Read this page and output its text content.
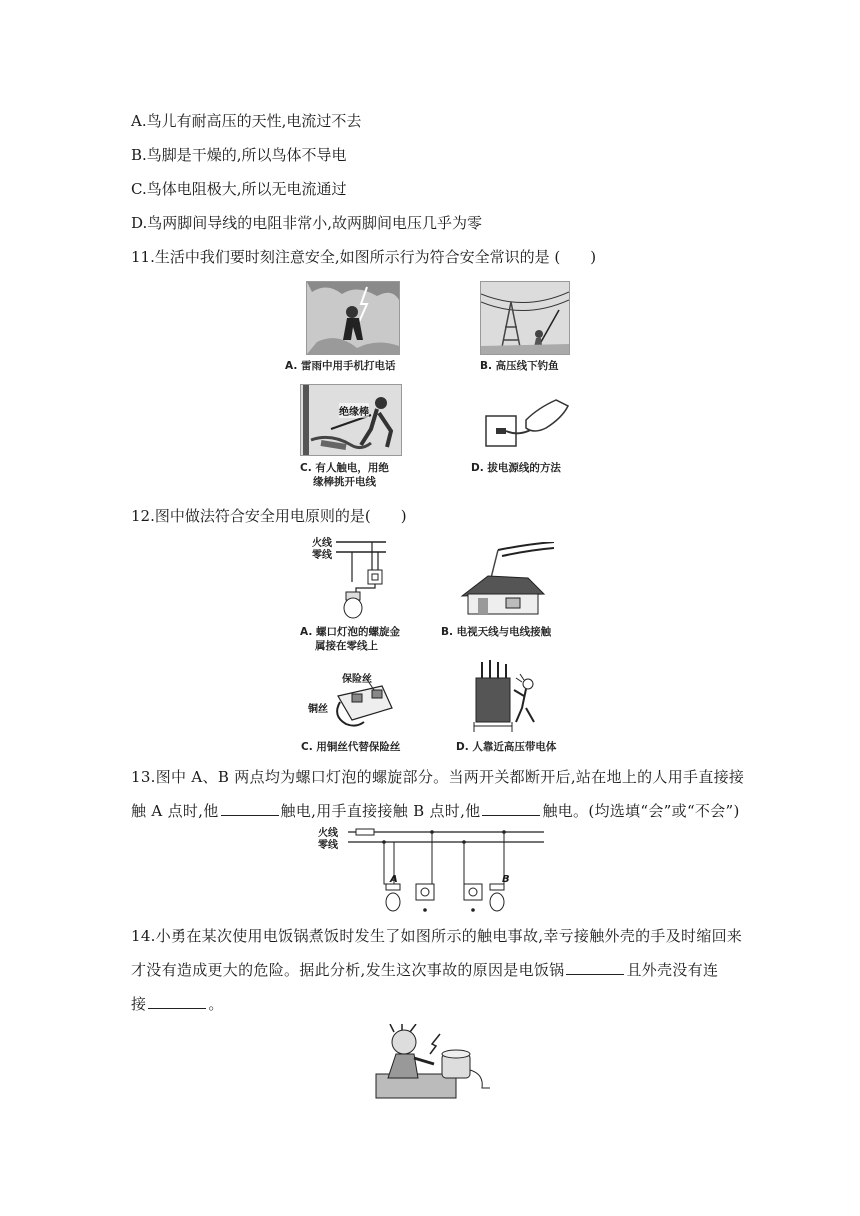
A.鸟儿有耐高压的天性,电流过不去
B.鸟脚是干燥的,所以鸟体不导电
C.鸟体电阻极大,所以无电流通过
D.鸟两脚间导线的电阻非常小,故两脚间电压几乎为零
11.生活中我们要时刻注意安全,如图所示行为符合安全常识的是 (　　)
A. 雷雨中用手机打电话	B. 高压线下钓鱼
绝缘棒
C. 有人触电，用绝
缘棒挑开电线
D. 拔电源线的方法
12.图中做法符合安全用电原则的是(　　)
火线
零线
A. 螺口灯泡的螺旋金
属接在零线上
B. 电视天线与电线接触
保险丝
铜丝
C. 用铜丝代替保险丝	D. 人靠近高压带电体
13.图中 A、B 两点均为螺口灯泡的螺旋部分。当两开关都断开后,站在地上的人用手直接接
触 A 点时,他	触电,用手直接接触 B 点时,他	触电。(均选填“会”或“不会”)
火线
零线
A	B
14.小勇在某次使用电饭锅煮饭时发生了如图所示的触电事故,幸亏接触外壳的手及时缩回来
才没有造成更大的危险。据此分析,发生这次事故的原因是电饭锅	且外壳没有连
接	。
